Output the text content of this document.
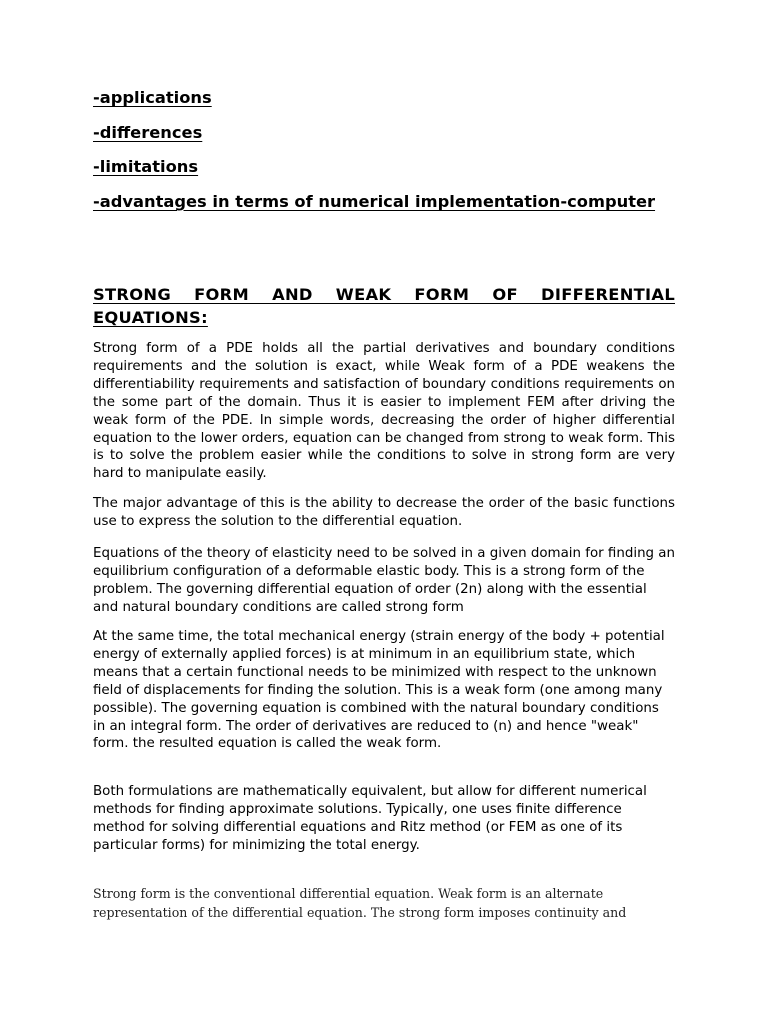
-applications

-differences

-limitations

-advantages in terms of numerical implementation-computer

STRONG FORM AND WEAK FORM OF DIFFERENTIAL EQUATIONS:

Strong form of a PDE holds all the partial derivatives and boundary conditions requirements and the solution is exact, while Weak form of a PDE weakens the differentiability requirements and satisfaction of boundary conditions requirements on the some part of the domain. Thus it is easier to implement FEM after driving the weak form of the PDE. In simple words, decreasing the order of higher differential equation to the lower orders, equation can be changed from strong to weak form. This is to solve the problem easier while the conditions to solve in strong form are very hard to manipulate easily.

The major advantage of this is the ability to decrease the order of the basic functions use to express the solution to the differential equation.

Equations of the theory of elasticity need to be solved in a given domain for finding an equilibrium configuration of a deformable elastic body. This is a strong form of the problem. The governing differential equation of order (2n) along with the essential and natural boundary conditions are called strong form

At the same time, the total mechanical energy (strain energy of the body + potential energy of externally applied forces) is at minimum in an equilibrium state, which means that a certain functional needs to be minimized with respect to the unknown field of displacements for finding the solution. This is a weak form (one among many possible). The governing equation is combined with the natural boundary conditions in an integral form. The order of derivatives are reduced to (n) and hence "weak" form. the resulted equation is called the weak form.

Both formulations are mathematically equivalent, but allow for different numerical methods for finding approximate solutions. Typically, one uses finite difference method for solving differential equations and Ritz method (or FEM as one of its particular forms) for minimizing the total energy.

Strong form is the conventional differential equation. Weak form is an alternate representation of the differential equation. The strong form imposes continuity and
